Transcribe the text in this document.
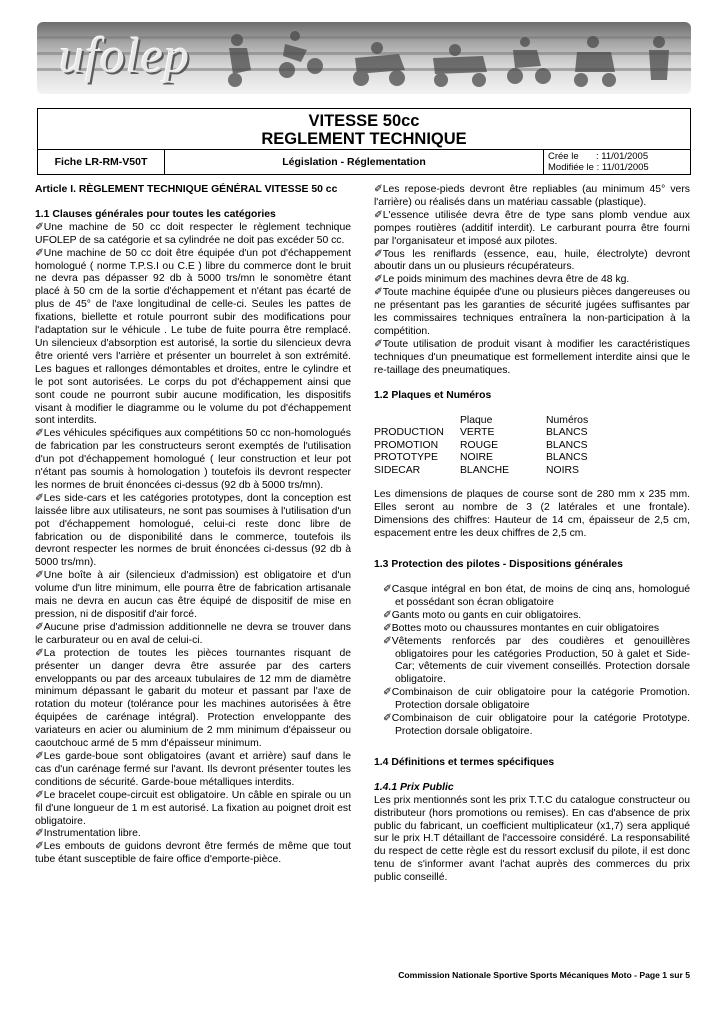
ufolep
VITESSE 50cc
REGLEMENT TECHNIQUE
Fiche LR-RM-V50T	Législation - Réglementation	Crée le : 11/01/2005
Modifiée le : 11/01/2005

Article I. RÈGLEMENT TECHNIQUE GÉNÉRAL VITESSE 50 cc

1.1 Clauses générales pour toutes les catégories

✐Une machine de 50 cc doit respecter le règlement technique UFOLEP de sa catégorie et sa cylindrée ne doit pas excéder 50 cc.

✐Une machine de 50 cc doit être équipée d'un pot d'échappement homologué ( norme T.P.S.I ou C.E ) libre du commerce dont le bruit ne devra pas dépasser 92 db à 5000 trs/mn le sonomètre étant placé à 50 cm de la sortie d'échappement et n'étant pas écarté de plus de 45° de l'axe longitudinal de celle-ci. Seules les pattes de fixations, biellette et rotule pourront subir des modifications pour l'adaptation sur le véhicule . Le tube de fuite pourra être remplacé. Un silencieux d'absorption est autorisé, la sortie du silencieux devra être orienté vers l'arrière et présenter un bourrelet à son extrémité. Les bagues et rallonges démontables et droites, entre le cylindre et le pot sont autorisées. Le corps du pot d'échappement ainsi que sont coude ne pourront subir aucune modification, les dispositifs visant à modifier le diagramme ou le volume du pot d'échappement sont interdits.

✐Les véhicules spécifiques aux compétitions 50 cc non-homologués de fabrication par les constructeurs seront exemptés de l'utilisation d'un pot d'échappement homologué ( leur construction et leur pot n'étant pas soumis à homologation ) toutefois ils devront respecter les normes de bruit énoncées ci-dessus (92 db à 5000 trs/mn).

✐Les side-cars et les catégories prototypes, dont la conception est laissée libre aux utilisateurs, ne sont pas soumises à l'utilisation d'un pot d'échappement homologué, celui-ci reste donc libre de fabrication ou de disponibilité dans le commerce, toutefois ils devront respecter les normes de bruit énoncées ci-dessus (92 db à 5000 trs/mn).

✐Une boîte à air (silencieux d'admission) est obligatoire et d'un volume d'un litre minimum, elle pourra être de fabrication artisanale mais ne devra en aucun cas être équipé de dispositif de mise en pression, ni de dispositif d'air forcé.

✐Aucune prise d'admission additionnelle ne devra se trouver dans le carburateur ou en aval de celui-ci.

✐La protection de toutes les pièces tournantes risquant de présenter un danger devra être assurée par des carters enveloppants ou par des arceaux tubulaires de 12 mm de diamètre minimum dépassant le gabarit du moteur et passant par l'axe de rotation du moteur (tolérance pour les machines autorisées à être équipées de carénage intégral). Protection enveloppante des variateurs en acier ou aluminium de 2 mm minimum d'épaisseur ou caoutchouc armé de 5 mm d'épaisseur minimum.

✐Les garde-boue sont obligatoires (avant et arrière) sauf dans le cas d'un carénage fermé sur l'avant. Ils devront présenter toutes les conditions de sécurité. Garde-boue métalliques interdits.

✐Le bracelet coupe-circuit est obligatoire. Un câble en spirale ou un fil d'une longueur de 1 m est autorisé. La fixation au poignet droit est obligatoire.

✐Instrumentation libre.

✐Les embouts de guidons devront être fermés de même que tout tube étant susceptible de faire office d'emporte-pièce.

✐Les repose-pieds devront être repliables (au minimum 45° vers l'arrière) ou réalisés dans un matériau cassable (plastique).

✐L'essence utilisée devra être de type sans plomb vendue aux pompes routières (additif interdit). Le carburant pourra être fourni par l'organisateur et imposé aux pilotes.

✐Tous les reniflards (essence, eau, huile, électrolyte) devront aboutir dans un ou plusieurs récupérateurs.

✐Le poids minimum des machines devra être de 48 kg.

✐Toute machine équipée d'une ou plusieurs pièces dangereuses ou ne présentant pas les garanties de sécurité jugées suffisantes par les commissaires techniques entraînera la non-participation à la compétition.

✐Toute utilisation de produit visant à modifier les caractéristiques techniques d'un pneumatique est formellement interdite ainsi que le re-taillage des pneumatiques.

1.2 Plaques et Numéros

	Plaque	Numéros
PRODUCTION	VERTE	BLANCS
PROMOTION	ROUGE	BLANCS
PROTOTYPE	NOIRE	BLANCS
SIDECAR	BLANCHE	NOIRS

Les dimensions de plaques de course sont de 280 mm x 235 mm. Elles seront au nombre de 3 (2 latérales et une frontale). Dimensions des chiffres: Hauteur de 14 cm, épaisseur de 2,5 cm, espacement entre les deux chiffres de 2,5 cm.

1.3 Protection des pilotes - Dispositions générales

✐Casque intégral en bon état, de moins de cinq ans, homologué et possédant son écran obligatoire

✐Gants moto ou gants en cuir obligatoires.

✐Bottes moto ou chaussures montantes en cuir obligatoires

✐Vêtements renforcés par des coudières et genouillères obligatoires pour les catégories Production, 50 à galet et Side-Car; vêtements de cuir vivement conseillés. Protection dorsale obligatoire.

✐Combinaison de cuir obligatoire pour la catégorie Promotion. Protection dorsale obligatoire

✐Combinaison de cuir obligatoire pour la catégorie Prototype. Protection dorsale obligatoire.

1.4 Définitions et termes spécifiques

1.4.1 Prix Public

Les prix mentionnés sont les prix T.T.C du catalogue constructeur ou distributeur (hors promotions ou remises). En cas d'absence de prix public du fabricant, un coefficient multiplicateur (x1,7) sera appliqué sur le prix H.T détaillant de l'accessoire considéré. La responsabilité du respect de cette règle est du ressort exclusif du pilote, il est donc tenu de s'informer avant l'achat auprès des commerces du prix public conseillé.

Commission Nationale Sportive Sports Mécaniques Moto - Page 1 sur 5
